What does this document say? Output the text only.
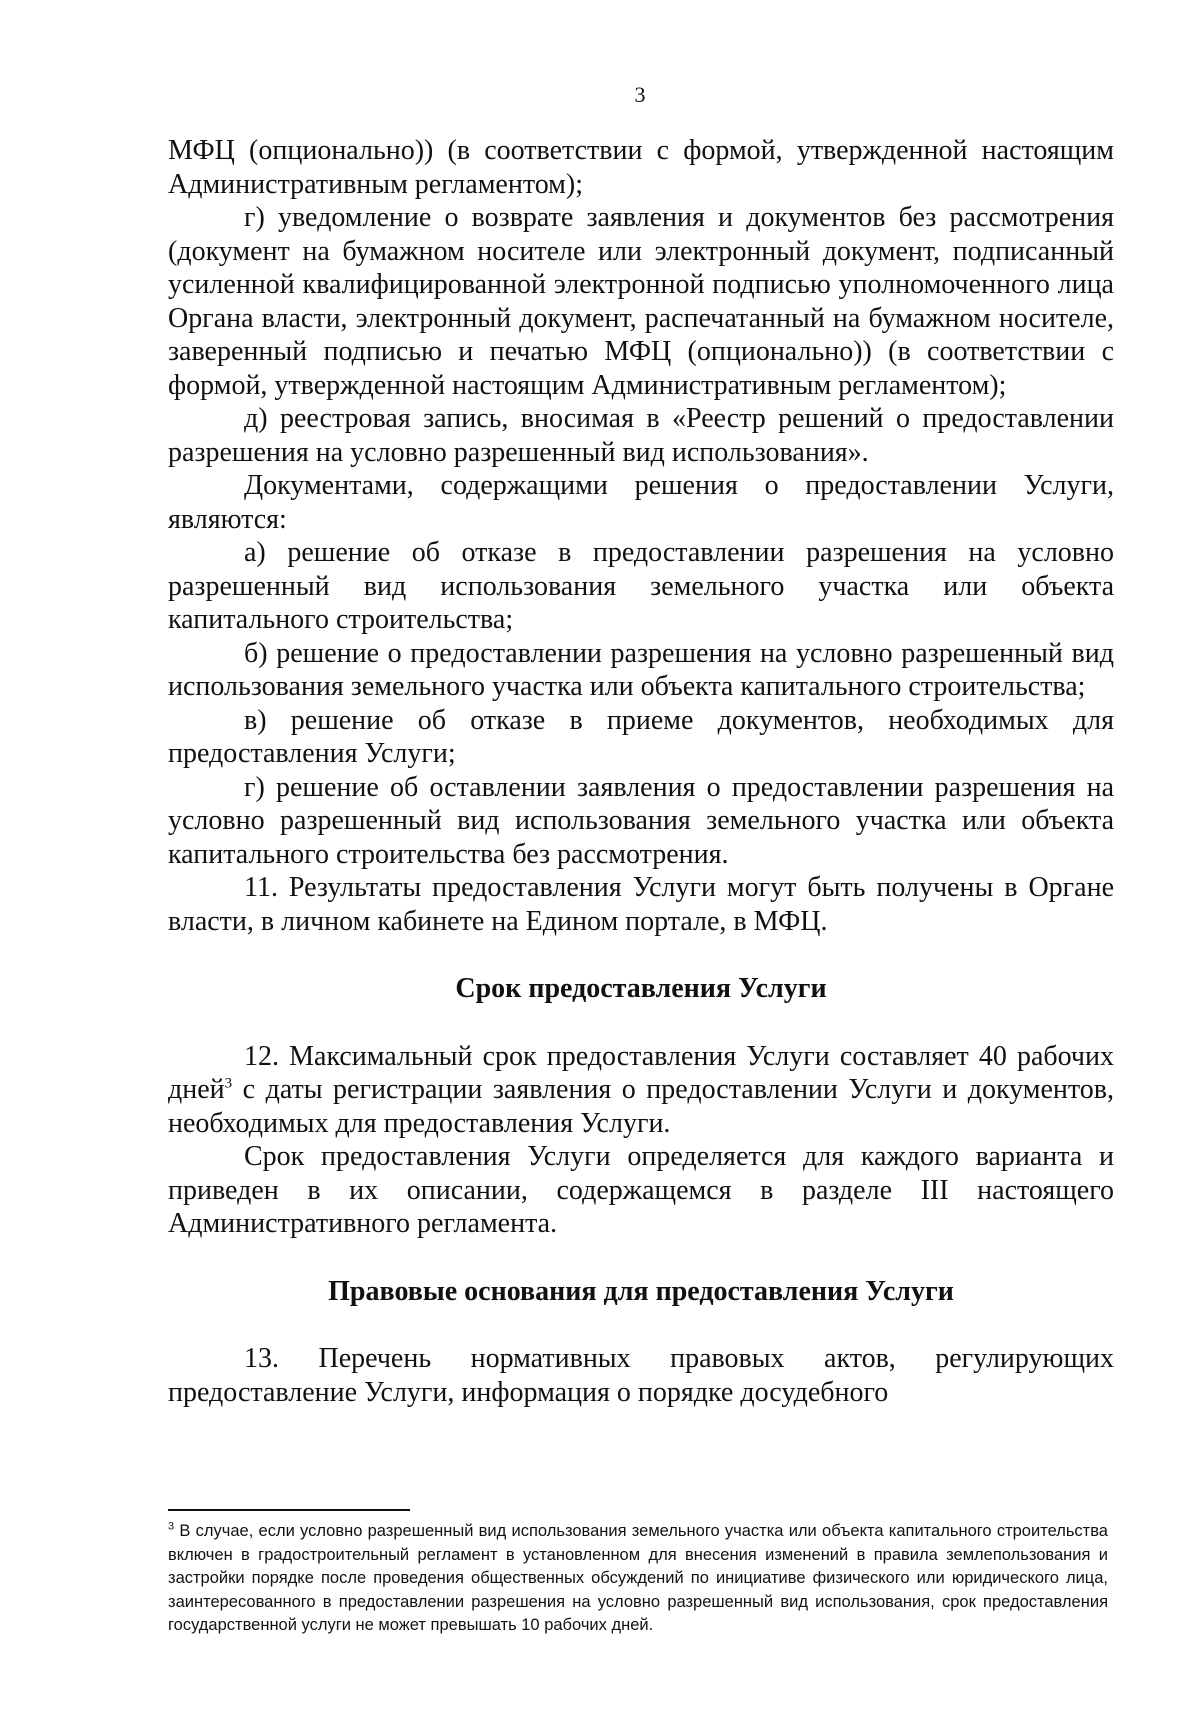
3

МФЦ (опционально)) (в соответствии с формой, утвержденной настоящим Административным регламентом);

г) уведомление о возврате заявления и документов без рассмотрения (документ на бумажном носителе или электронный документ, подписанный усиленной квалифицированной электронной подписью уполномоченного лица Органа власти, электронный документ, распечатанный на бумажном носителе, заверенный подписью и печатью МФЦ (опционально)) (в соответствии с формой, утвержденной настоящим Административным регламентом);

д) реестровая запись, вносимая в «Реестр решений о предоставлении разрешения на условно разрешенный вид использования».

Документами, содержащими решения о предоставлении Услуги, являются:

а) решение об отказе в предоставлении разрешения на условно разрешенный вид использования земельного участка или объекта капитального строительства;

б) решение о предоставлении разрешения на условно разрешенный вид использования земельного участка или объекта капитального строительства;

в) решение об отказе в приеме документов, необходимых для предоставления Услуги;

г) решение об оставлении заявления о предоставлении разрешения на условно разрешенный вид использования земельного участка или объекта капитального строительства без рассмотрения.

11. Результаты предоставления Услуги могут быть получены в Органе власти, в личном кабинете на Едином портале, в МФЦ.

Срок предоставления Услуги

12. Максимальный срок предоставления Услуги составляет 40 рабочих дней$^3$ с даты регистрации заявления о предоставлении Услуги и документов, необходимых для предоставления Услуги.

Срок предоставления Услуги определяется для каждого варианта и приведен в их описании, содержащемся в разделе III настоящего Административного регламента.

Правовые основания для предоставления Услуги

13. Перечень нормативных правовых актов, регулирующих предоставление Услуги, информация о порядке досудебного

$^3$ В случае, если условно разрешенный вид использования земельного участка или объекта капитального строительства включен в градостроительный регламент в установленном для внесения изменений в правила землепользования и застройки порядке после проведения общественных обсуждений по инициативе физического или юридического лица, заинтересованного в предоставлении разрешения на условно разрешенный вид использования, срок предоставления государственной услуги не может превышать 10 рабочих дней.
